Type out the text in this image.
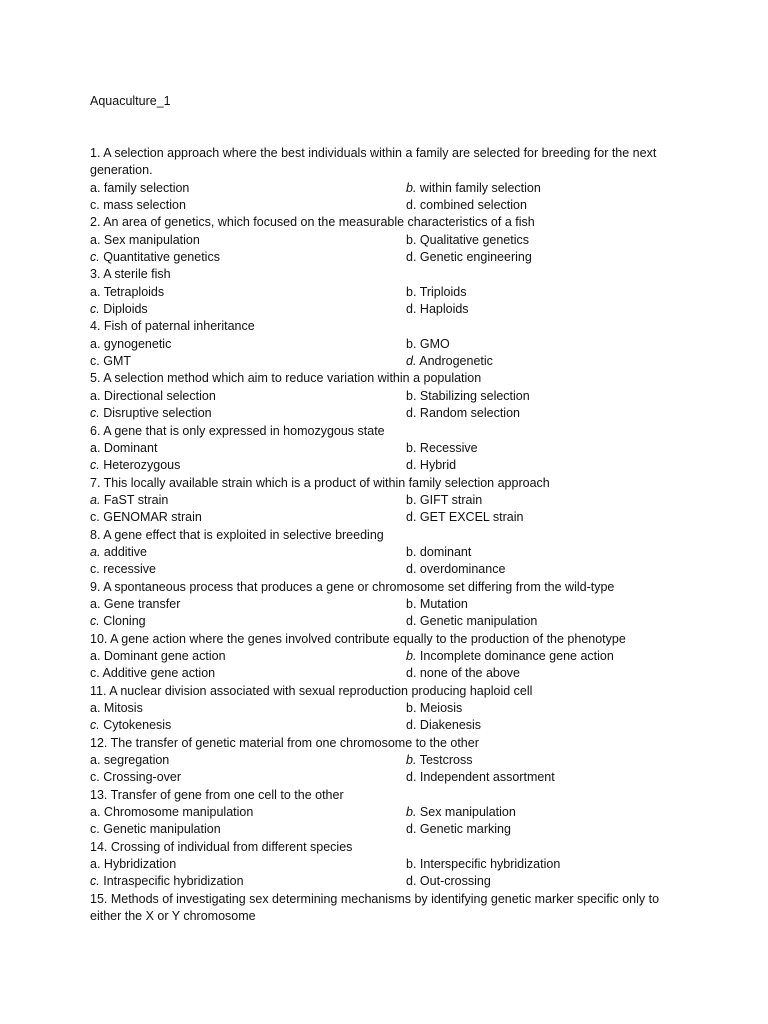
Aquaculture_1
1. A selection approach where the best individuals within a family are selected for breeding for the next generation.
a. family selection	b. within family selection
c. mass selection	d. combined selection
2. An area of genetics, which focused on the measurable characteristics of a fish
a. Sex manipulation	b. Qualitative genetics
c. Quantitative genetics	d. Genetic engineering
3. A sterile fish
a. Tetraploids	b. Triploids
c. Diploids	d. Haploids
4. Fish of paternal inheritance
a. gynogenetic	b. GMO
c. GMT	d. Androgenetic
5. A selection method which aim to reduce variation within a population
a. Directional selection	b. Stabilizing selection
c. Disruptive selection	d. Random selection
6. A gene that is only expressed in homozygous state
a. Dominant	b. Recessive
c. Heterozygous	d. Hybrid
7. This locally available strain which is a product of within family selection approach
a. FaST strain	b. GIFT strain
c. GENOMAR strain	d. GET EXCEL strain
8. A gene effect that is exploited in selective breeding
a. additive	b. dominant
c. recessive	d. overdominance
9. A spontaneous process that produces a gene or chromosome set differing from the wild-type
a. Gene transfer	b. Mutation
c. Cloning	d. Genetic manipulation
10. A gene action where the genes involved contribute equally to the production of the phenotype
a. Dominant gene action	b. Incomplete dominance gene action
c. Additive gene action	d. none of the above
11. A nuclear division associated with sexual reproduction producing haploid cell
a. Mitosis	b. Meiosis
c. Cytokenesis	d. Diakenesis
12. The transfer of genetic material from one chromosome to the other
a. segregation	b. Testcross
c. Crossing-over	d. Independent assortment
13. Transfer of gene from one cell to the other
a. Chromosome manipulation	b. Sex manipulation
c. Genetic manipulation	d. Genetic marking
14. Crossing of individual from different species
a. Hybridization	b. Interspecific hybridization
c. Intraspecific hybridization	d. Out-crossing
15. Methods of investigating sex determining mechanisms by identifying genetic marker specific only to either the X or Y chromosome
